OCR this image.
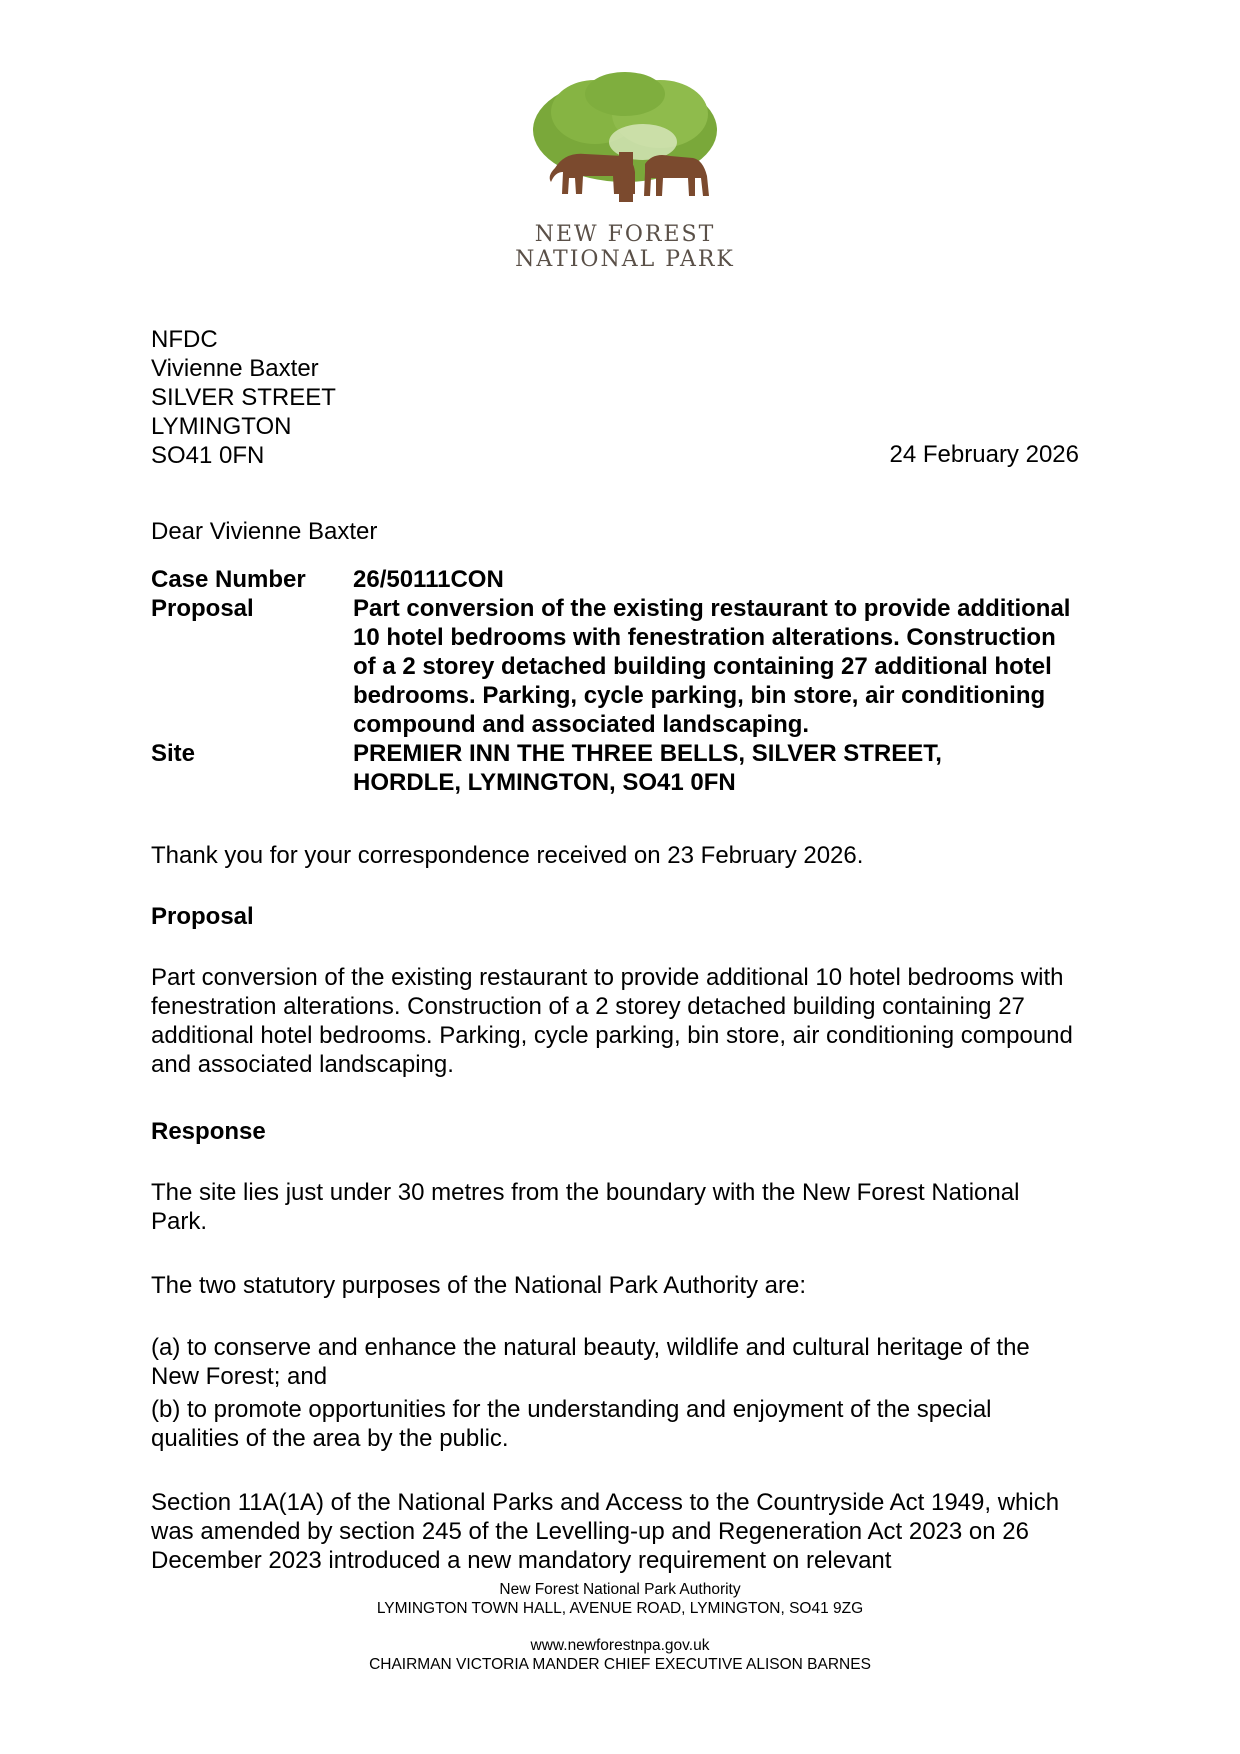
NEW FOREST
NATIONAL PARK
NFDC
Vivienne Baxter
SILVER STREET
LYMINGTON
SO41 0FN	24 February 2026
Dear Vivienne Baxter
Case Number	26/50111CON
Proposal	Part conversion of the existing restaurant to provide additional 10 hotel bedrooms with fenestration alterations. Construction of a 2 storey detached building containing 27 additional hotel bedrooms. Parking, cycle parking, bin store, air conditioning compound and associated landscaping.
Site	PREMIER INN THE THREE BELLS, SILVER STREET, HORDLE, LYMINGTON, SO41 0FN
Thank you for your correspondence received on 23 February 2026.
Proposal
Part conversion of the existing restaurant to provide additional 10 hotel bedrooms with fenestration alterations. Construction of a 2 storey detached building containing 27 additional hotel bedrooms. Parking, cycle parking, bin store, air conditioning compound and associated landscaping.
Response
The site lies just under 30 metres from the boundary with the New Forest National Park.
The two statutory purposes of the National Park Authority are:
(a) to conserve and enhance the natural beauty, wildlife and cultural heritage of the New Forest; and
(b) to promote opportunities for the understanding and enjoyment of the special qualities of the area by the public.
Section 11A(1A) of the National Parks and Access to the Countryside Act 1949, which was amended by section 245 of the Levelling-up and Regeneration Act 2023 on 26 December 2023 introduced a new mandatory requirement on relevant
New Forest National Park Authority
LYMINGTON TOWN HALL, AVENUE ROAD, LYMINGTON, SO41 9ZG
www.newforestnpa.gov.uk
CHAIRMAN VICTORIA MANDER CHIEF EXECUTIVE ALISON BARNES
